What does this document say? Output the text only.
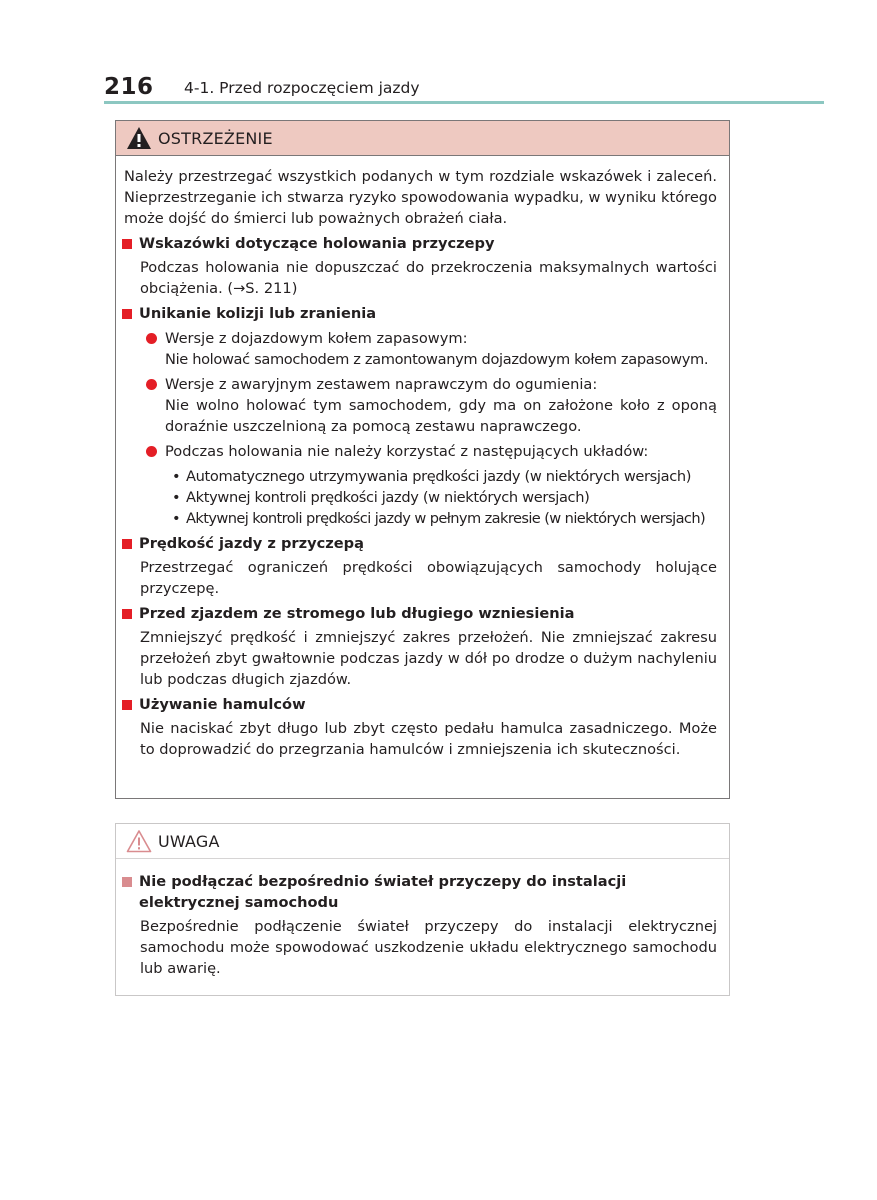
216 4-1. Przed rozpoczęciem jazdy
OSTRZEŻENIE

Należy przestrzegać wszystkich podanych w tym rozdziale wskazówek i zaleceń. Nieprzestrzeganie ich stwarza ryzyko spowodowania wypadku, w wyniku którego może dojść do śmierci lub poważnych obrażeń ciała.

Wskazówki dotyczące holowania przyczepy

Podczas holowania nie dopuszczać do przekroczenia maksymalnych wartości obciążenia. (→S. 211)

Unikanie kolizji lub zranienia
Wersje z dojazdowym kołem zapasowym:
Nie holować samochodem z zamontowanym dojazdowym kołem zapasowym.
Wersje z awaryjnym zestawem naprawczym do ogumienia:
Nie wolno holować tym samochodem, gdy ma on założone koło z oponą doraźnie uszczelnioną za pomocą zestawu naprawczego.
Podczas holowania nie należy korzystać z następujących układów:
• Automatycznego utrzymywania prędkości jazdy (w niektórych wersjach)
• Aktywnej kontroli prędkości jazdy (w niektórych wersjach)
• Aktywnej kontroli prędkości jazdy w pełnym zakresie (w niektórych wersjach)
Prędkość jazdy z przyczepą

Przestrzegać ograniczeń prędkości obowiązujących samochody holujące przyczepę.

Przed zjazdem ze stromego lub długiego wzniesienia

Zmniejszyć prędkość i zmniejszyć zakres przełożeń. Nie zmniejszać zakresu przełożeń zbyt gwałtownie podczas jazdy w dół po drodze o dużym nachyleniu lub podczas długich zjazdów.

Używanie hamulców

Nie naciskać zbyt długo lub zbyt często pedału hamulca zasadniczego. Może to doprowadzić do przegrzania hamulców i zmniejszenia ich skuteczności.

UWAGA
Nie podłączać bezpośrednio świateł przyczepy do instalacji elektrycznej samochodu

Bezpośrednie podłączenie świateł przyczepy do instalacji elektrycznej samochodu może spowodować uszkodzenie układu elektrycznego samochodu lub awarię.
